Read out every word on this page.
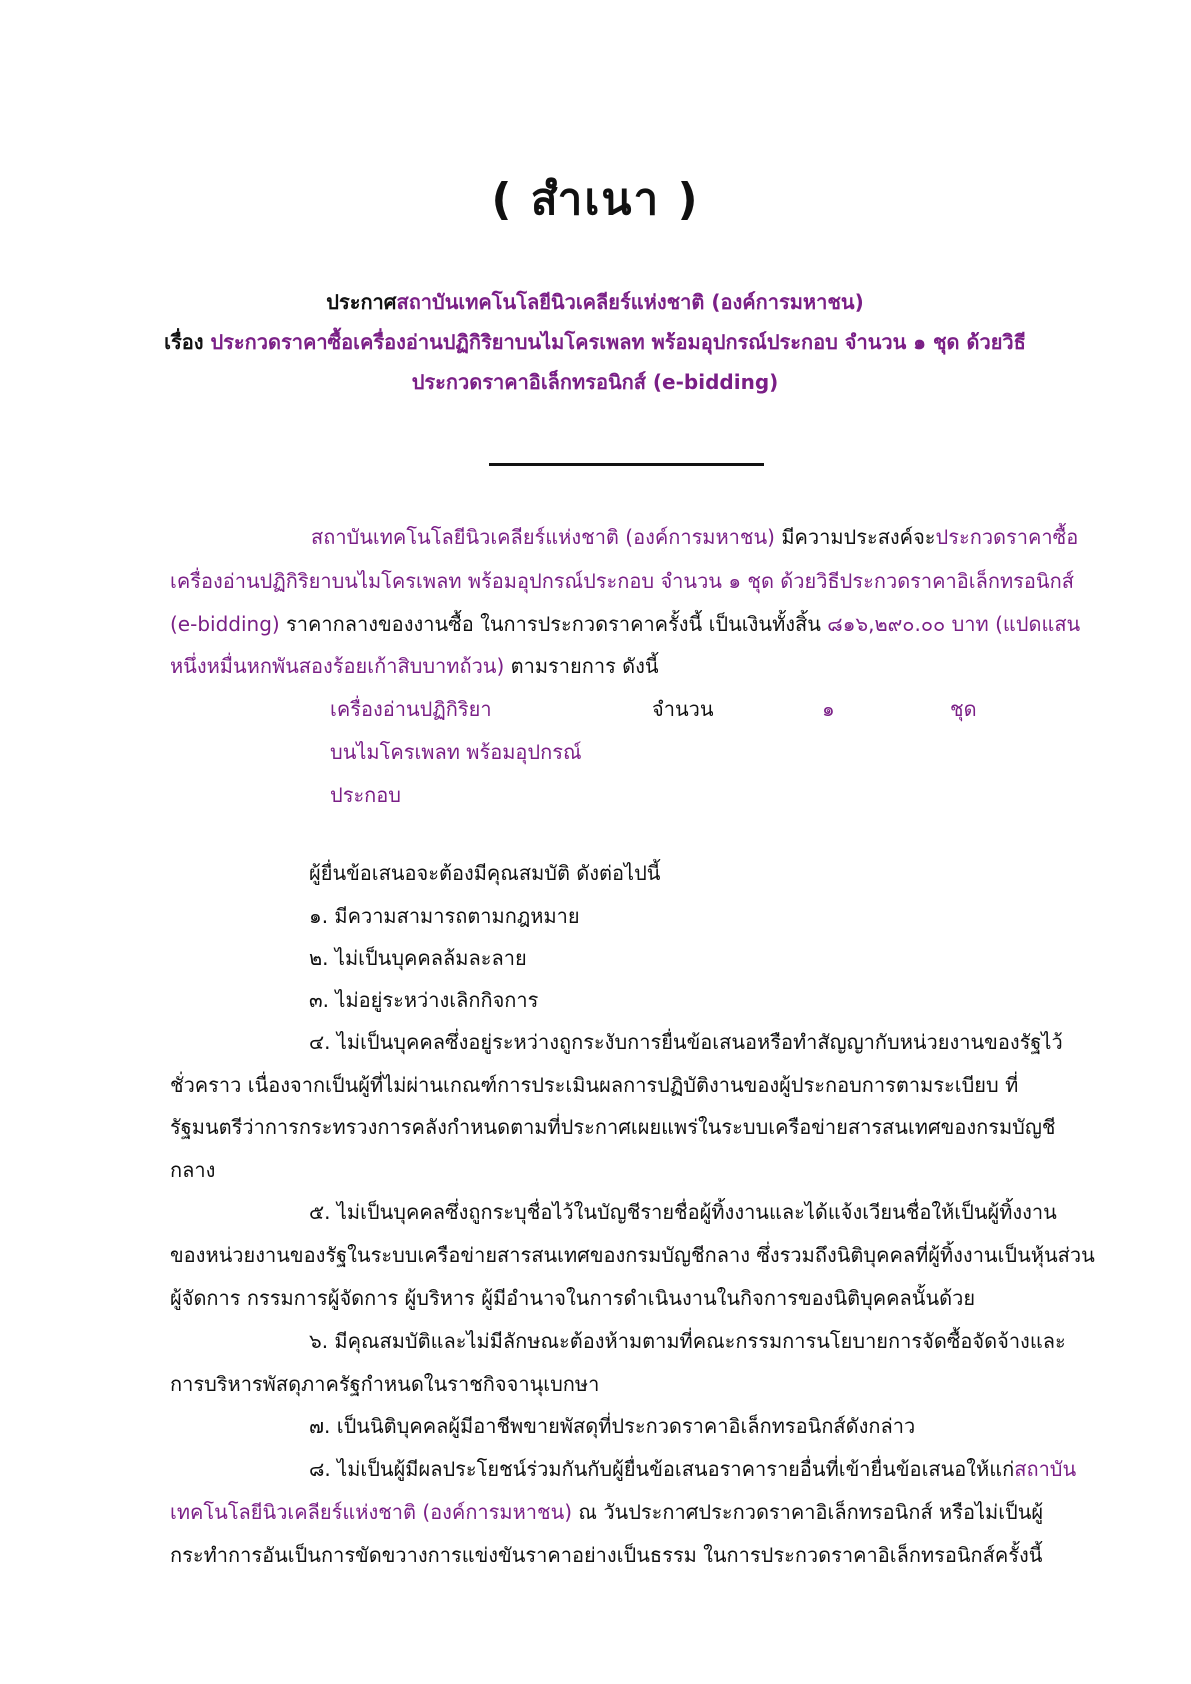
( สำเนา )
ประกาศสถาบันเทคโนโลยีนิวเคลียร์แห่งชาติ (องค์การมหาชน)
เรื่อง ประกวดราคาซื้อเครื่องอ่านปฏิกิริยาบนไมโครเพลท พร้อมอุปกรณ์ประกอบ จำนวน ๑ ชุด ด้วยวิธี
ประกวดราคาอิเล็กทรอนิกส์ (e-bidding)
สถาบันเทคโนโลยีนิวเคลียร์แห่งชาติ (องค์การมหาชน) มีความประสงค์จะประกวดราคาซื้อ
เครื่องอ่านปฏิกิริยาบนไมโครเพลท พร้อมอุปกรณ์ประกอบ จำนวน ๑ ชุด ด้วยวิธีประกวดราคาอิเล็กทรอนิกส์
(e-bidding) ราคากลางของงานซื้อ ในการประกวดราคาครั้งนี้ เป็นเงินทั้งสิ้น ๘๑๖,๒๙๐.๐๐ บาท (แปดแสน
หนึ่งหมื่นหกพันสองร้อยเก้าสิบบาทถ้วน) ตามรายการ ดังนี้
เครื่องอ่านปฏิกิริยา
บนไมโครเพลท พร้อมอุปกรณ์
ประกอบ
จำนวน	๑	ชุด
ผู้ยื่นข้อเสนอจะต้องมีคุณสมบัติ ดังต่อไปนี้
๑. มีความสามารถตามกฎหมาย
๒. ไม่เป็นบุคคลล้มละลาย
๓. ไม่อยู่ระหว่างเลิกกิจการ
๔. ไม่เป็นบุคคลซึ่งอยู่ระหว่างถูกระงับการยื่นข้อเสนอหรือทำสัญญากับหน่วยงานของรัฐไว้
ชั่วคราว เนื่องจากเป็นผู้ที่ไม่ผ่านเกณฑ์การประเมินผลการปฏิบัติงานของผู้ประกอบการตามระเบียบ ที่
รัฐมนตรีว่าการกระทรวงการคลังกำหนดตามที่ประกาศเผยแพร่ในระบบเครือข่ายสารสนเทศของกรมบัญชี
กลาง
๕. ไม่เป็นบุคคลซึ่งถูกระบุชื่อไว้ในบัญชีรายชื่อผู้ทิ้งงานและได้แจ้งเวียนชื่อให้เป็นผู้ทิ้งงาน
ของหน่วยงานของรัฐในระบบเครือข่ายสารสนเทศของกรมบัญชีกลาง ซึ่งรวมถึงนิติบุคคลที่ผู้ทิ้งงานเป็นหุ้นส่วน
ผู้จัดการ กรรมการผู้จัดการ ผู้บริหาร ผู้มีอำนาจในการดำเนินงานในกิจการของนิติบุคคลนั้นด้วย
๖. มีคุณสมบัติและไม่มีลักษณะต้องห้ามตามที่คณะกรรมการนโยบายการจัดซื้อจัดจ้างและ
การบริหารพัสดุภาครัฐกำหนดในราชกิจจานุเบกษา
๗. เป็นนิติบุคคลผู้มีอาชีพขายพัสดุที่ประกวดราคาอิเล็กทรอนิกส์ดังกล่าว
๘. ไม่เป็นผู้มีผลประโยชน์ร่วมกันกับผู้ยื่นข้อเสนอราคารายอื่นที่เข้ายื่นข้อเสนอให้แก่สถาบัน
เทคโนโลยีนิวเคลียร์แห่งชาติ (องค์การมหาชน) ณ วันประกาศประกวดราคาอิเล็กทรอนิกส์ หรือไม่เป็นผู้
กระทำการอันเป็นการขัดขวางการแข่งขันราคาอย่างเป็นธรรม ในการประกวดราคาอิเล็กทรอนิกส์ครั้งนี้
